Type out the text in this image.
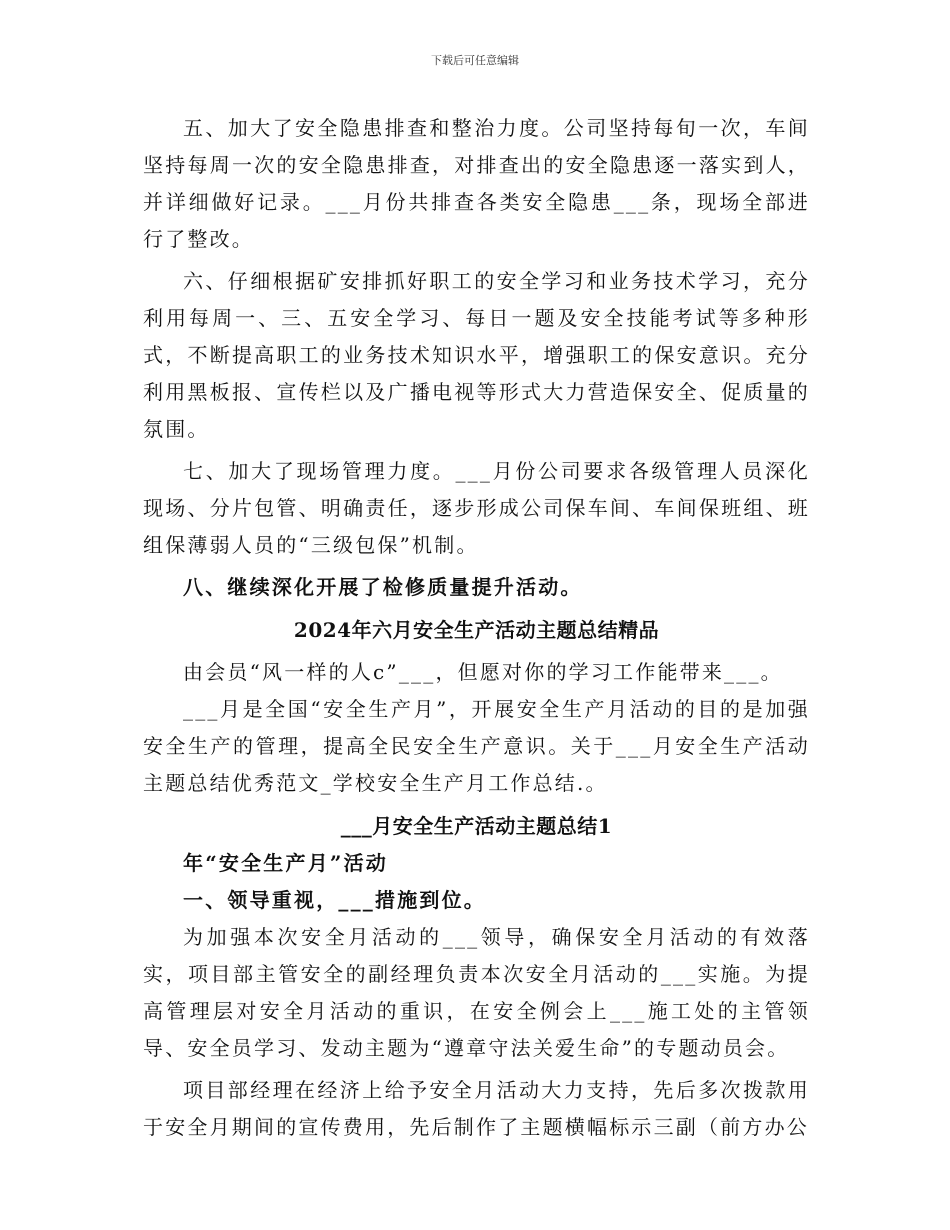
下载后可任意编辑

五、加大了安全隐患排查和整治力度。公司坚持每旬一次，车间坚持每周一次的安全隐患排查，对排查出的安全隐患逐一落实到人，并详细做好记录。___月份共排查各类安全隐患___条，现场全部进行了整改。

六、仔细根据矿安排抓好职工的安全学习和业务技术学习，充分利用每周一、三、五安全学习、每日一题及安全技能考试等多种形式，不断提高职工的业务技术知识水平，增强职工的保安意识。充分利用黑板报、宣传栏以及广播电视等形式大力营造保安全、促质量的氛围。

七、加大了现场管理力度。___月份公司要求各级管理人员深化现场、分片包管、明确责任，逐步形成公司保车间、车间保班组、班组保薄弱人员的“三级包保”机制。

八、继续深化开展了检修质量提升活动。

2024年六月安全生产活动主题总结精品

由会员“风一样的人c”___，但愿对你的学习工作能带来___。

___月是全国“安全生产月”，开展安全生产月活动的目的是加强安全生产的管理，提高全民安全生产意识。关于___月安全生产活动主题总结优秀范文_学校安全生产月工作总结.。

___月安全生产活动主题总结1

年“安全生产月”活动

一、领导重视，___措施到位。

为加强本次安全月活动的___领导，确保安全月活动的有效落实，项目部主管安全的副经理负责本次安全月活动的___实施。为提高管理层对安全月活动的重识，在安全例会上___施工处的主管领导、安全员学习、发动主题为“遵章守法关爱生命”的专题动员会。

项目部经理在经济上给予安全月活动大力支持，先后多次拨款用于安全月期间的宣传费用，先后制作了主题横幅标示三副（前方办公
